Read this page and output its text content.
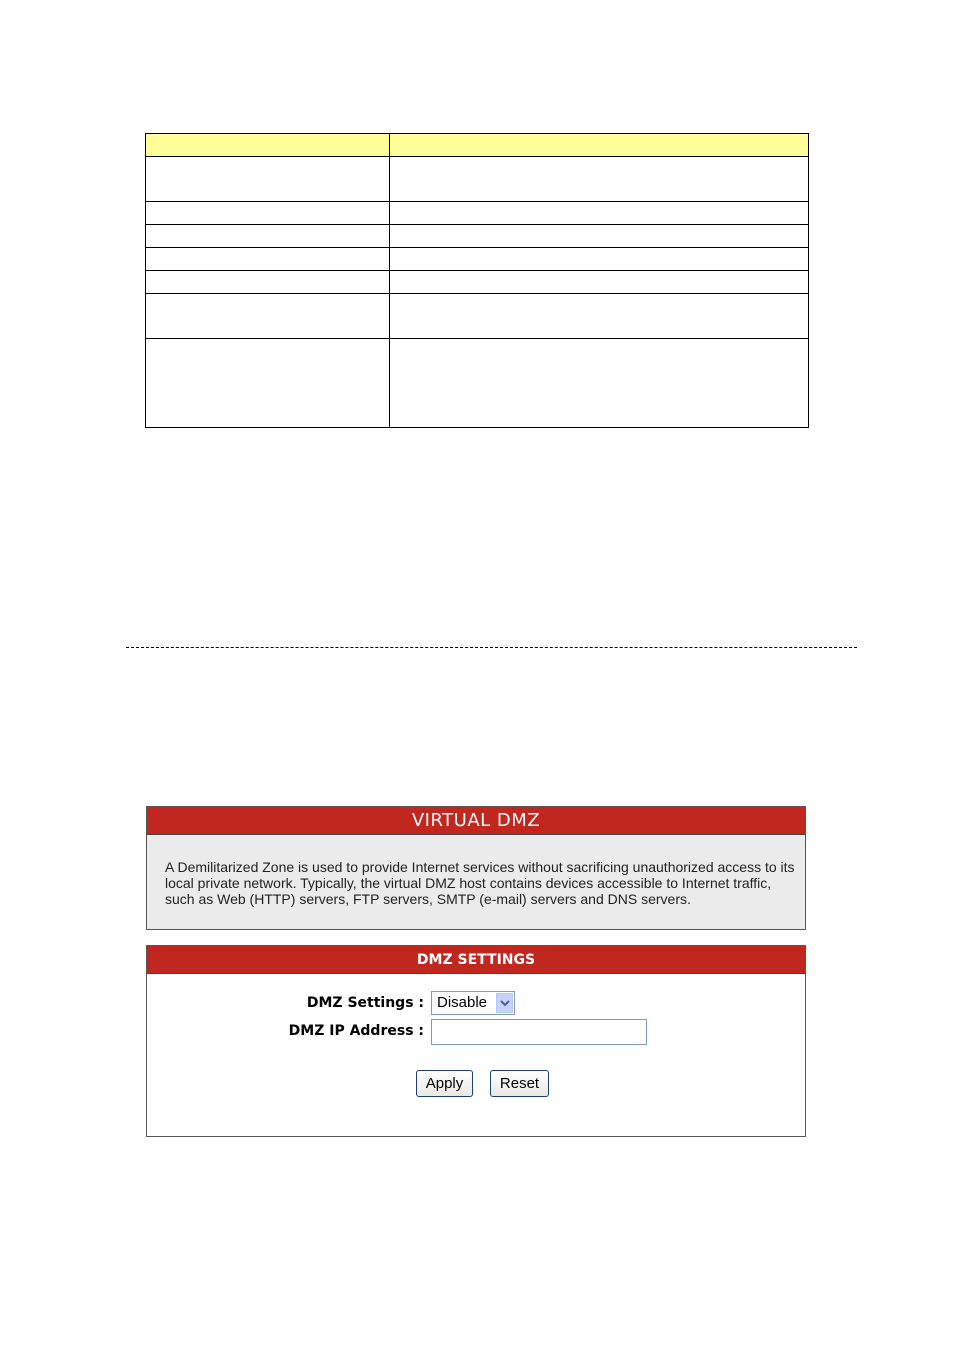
VIRTUAL DMZ
A Demilitarized Zone is used to provide Internet services without sacrificing unauthorized access to its local private network. Typically, the virtual DMZ host contains devices accessible to Internet traffic, such as Web (HTTP) servers, FTP servers, SMTP (e-mail) servers and DNS servers.
DMZ SETTINGS
DMZ Settings : Disable
DMZ IP Address :
Apply	Reset
